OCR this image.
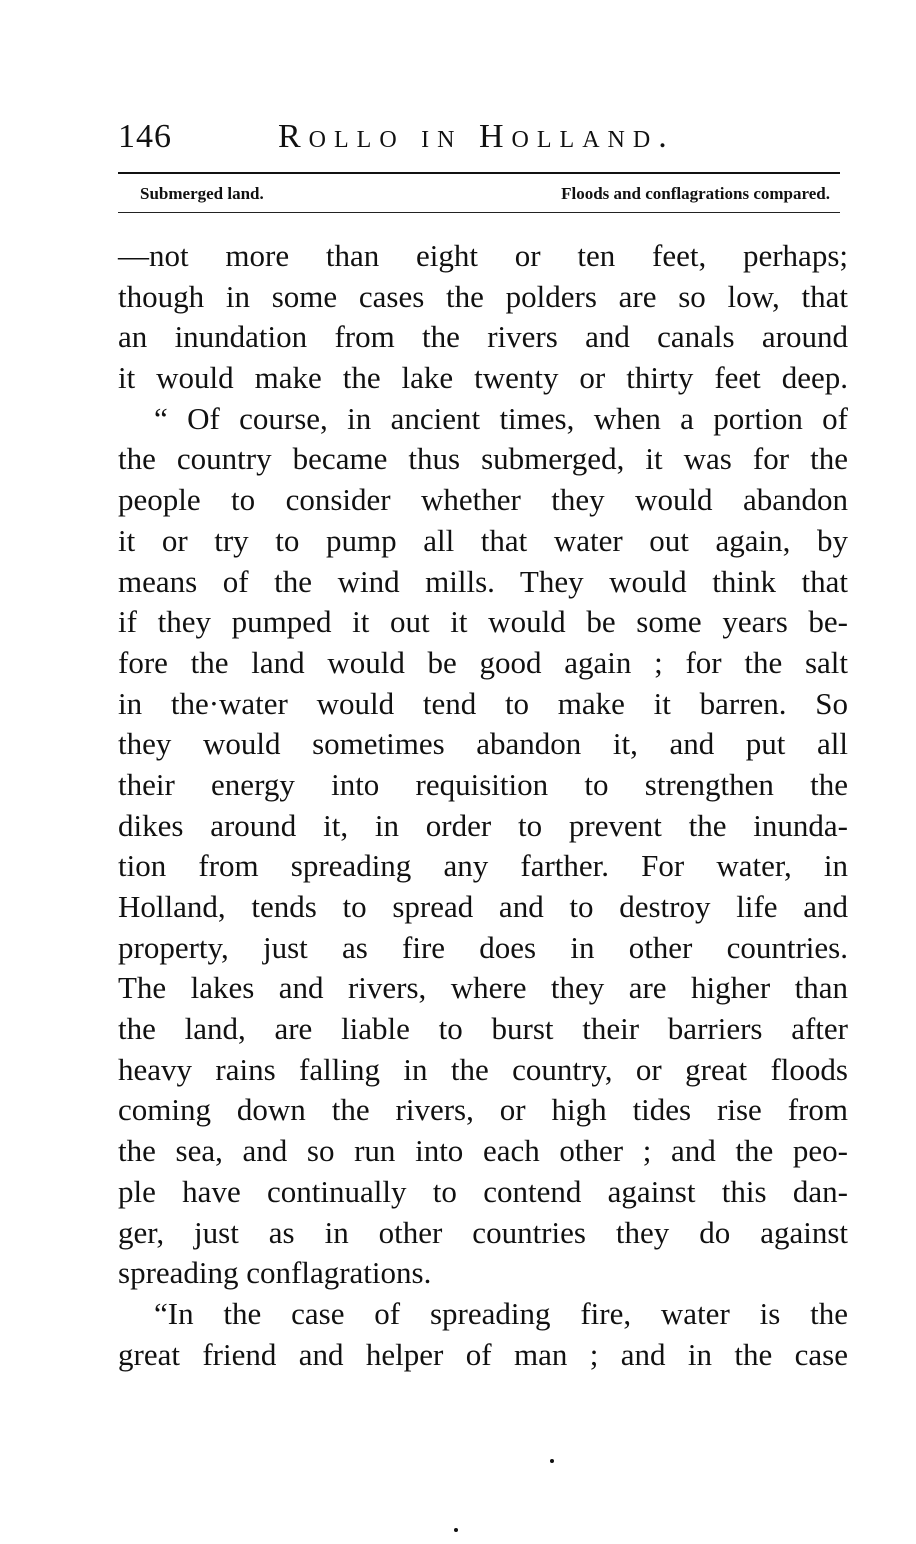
146	Rollo in Holland.
Submerged land.	Floods and conflagrations compared.
—not more than eight or ten feet, perhaps;
though in some cases the polders are so low, that
an inundation from the rivers and canals around
it would make the lake twenty or thirty feet deep.
“ Of course, in ancient times, when a portion of
the country became thus submerged, it was for the
people to consider whether they would abandon
it or try to pump all that water out again, by
means of the wind mills. They would think that
if they pumped it out it would be some years be-
fore the land would be good again ; for the salt
in the·water would tend to make it barren. So
they would sometimes abandon it, and put all
their energy into requisition to strengthen the
dikes around it, in order to prevent the inunda-
tion from spreading any farther. For water, in
Holland, tends to spread and to destroy life and
property, just as fire does in other countries.
The lakes and rivers, where they are higher than
the land, are liable to burst their barriers after
heavy rains falling in the country, or great floods
coming down the rivers, or high tides rise from
the sea, and so run into each other ; and the peo-
ple have continually to contend against this dan-
ger, just as in other countries they do against
spreading conflagrations.
“In the case of spreading fire, water is the
great friend and helper of man ; and in the case
